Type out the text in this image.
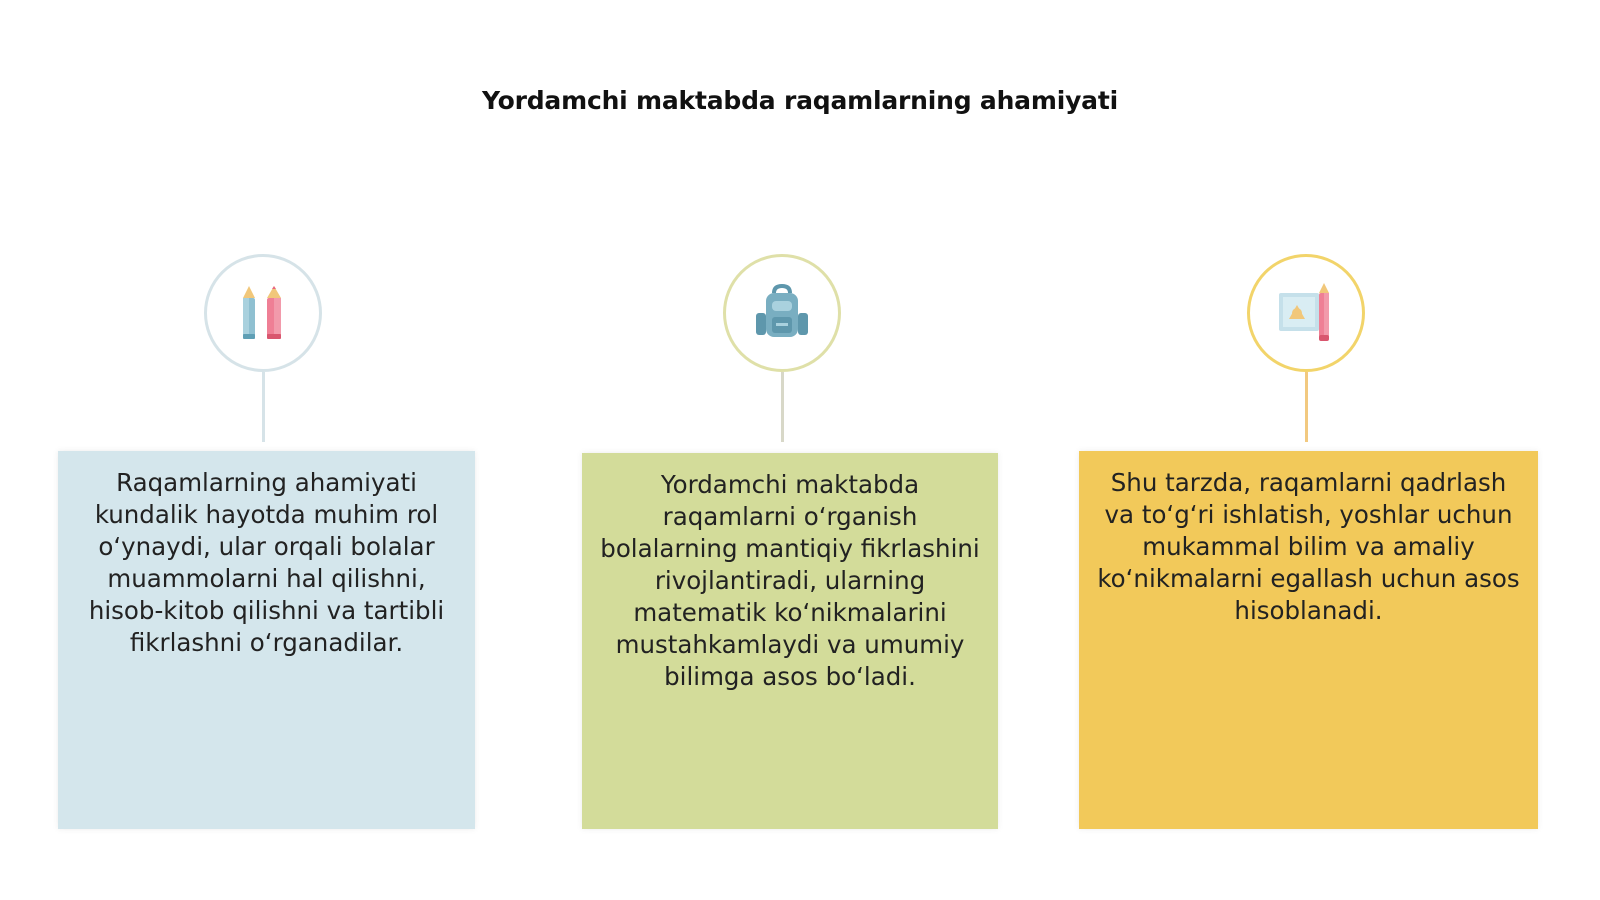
Yordamchi maktabda raqamlarning ahamiyati
Raqamlarning ahamiyati kundalik hayotda muhim rol o‘ynaydi, ular orqali bolalar muammolarni hal qilishni, hisob-kitob qilishni va tartibli fikrlashni o‘rganadilar.
Yordamchi maktabda raqamlarni o‘rganish bolalarning mantiqiy fikrlashini rivojlantiradi, ularning matematik ko‘nikmalarini mustahkamlaydi va umumiy bilimga asos bo‘ladi.
Shu tarzda, raqamlarni qadrlash va to‘g‘ri ishlatish, yoshlar uchun mukammal bilim va amaliy ko‘nikmalarni egallash uchun asos hisoblanadi.
